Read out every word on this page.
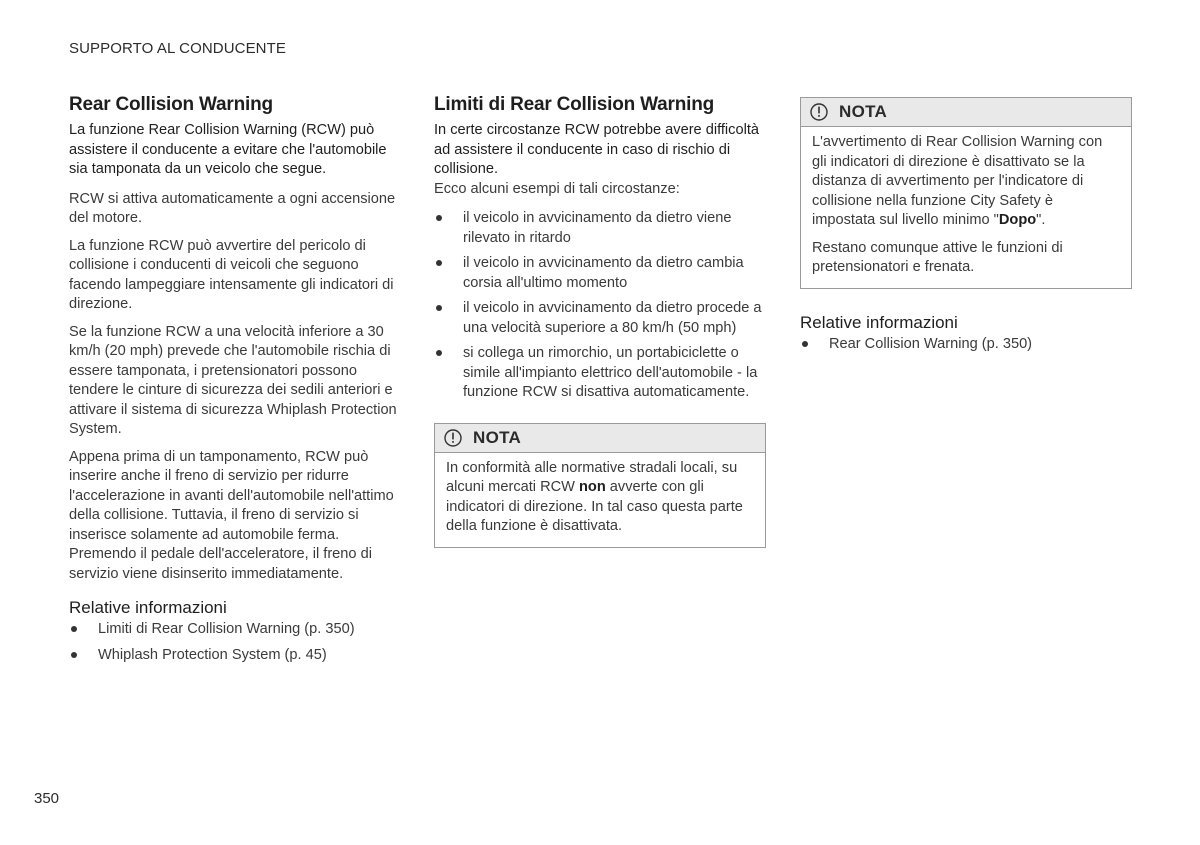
SUPPORTO AL CONDUCENTE
Rear Collision Warning

La funzione Rear Collision Warning (RCW) può assistere il conducente a evitare che l'automobile sia tamponata da un veicolo che segue.

RCW si attiva automaticamente a ogni accensione del motore.

La funzione RCW può avvertire del pericolo di collisione i conducenti di veicoli che seguono facendo lampeggiare intensamente gli indicatori di direzione.

Se la funzione RCW a una velocità inferiore a 30 km/h (20 mph) prevede che l'automobile rischia di essere tamponata, i pretensionatori possono tendere le cinture di sicurezza dei sedili anteriori e attivare il sistema di sicurezza Whiplash Protection System.

Appena prima di un tamponamento, RCW può inserire anche il freno di servizio per ridurre l'accelerazione in avanti dell'automobile nell'attimo della collisione. Tuttavia, il freno di servizio si inserisce solamente ad automobile ferma. Premendo il pedale dell'acceleratore, il freno di servizio viene disinserito immediatamente.

Relative informazioni
Limiti di Rear Collision Warning (p. 350)
Whiplash Protection System (p. 45)
Limiti di Rear Collision Warning

In certe circostanze RCW potrebbe avere difficoltà ad assistere il conducente in caso di rischio di collisione.

Ecco alcuni esempi di tali circostanze:

il veicolo in avvicinamento da dietro viene rilevato in ritardo
il veicolo in avvicinamento da dietro cambia corsia all'ultimo momento
il veicolo in avvicinamento da dietro procede a una velocità superiore a 80 km/h (50 mph)
si collega un rimorchio, un portabiciclette o simile all'impianto elettrico dell'automobile - la funzione RCW si disattiva automaticamente.
NOTA

In conformità alle normative stradali locali, su alcuni mercati RCW non avverte con gli indicatori di direzione. In tal caso questa parte della funzione è disattivata.

NOTA

L'avvertimento di Rear Collision Warning con gli indicatori di direzione è disattivato se la distanza di avvertimento per l'indicatore di collisione nella funzione City Safety è impostata sul livello minimo "Dopo".

Restano comunque attive le funzioni di pretensionatori e frenata.

Relative informazioni
Rear Collision Warning (p. 350)
350
